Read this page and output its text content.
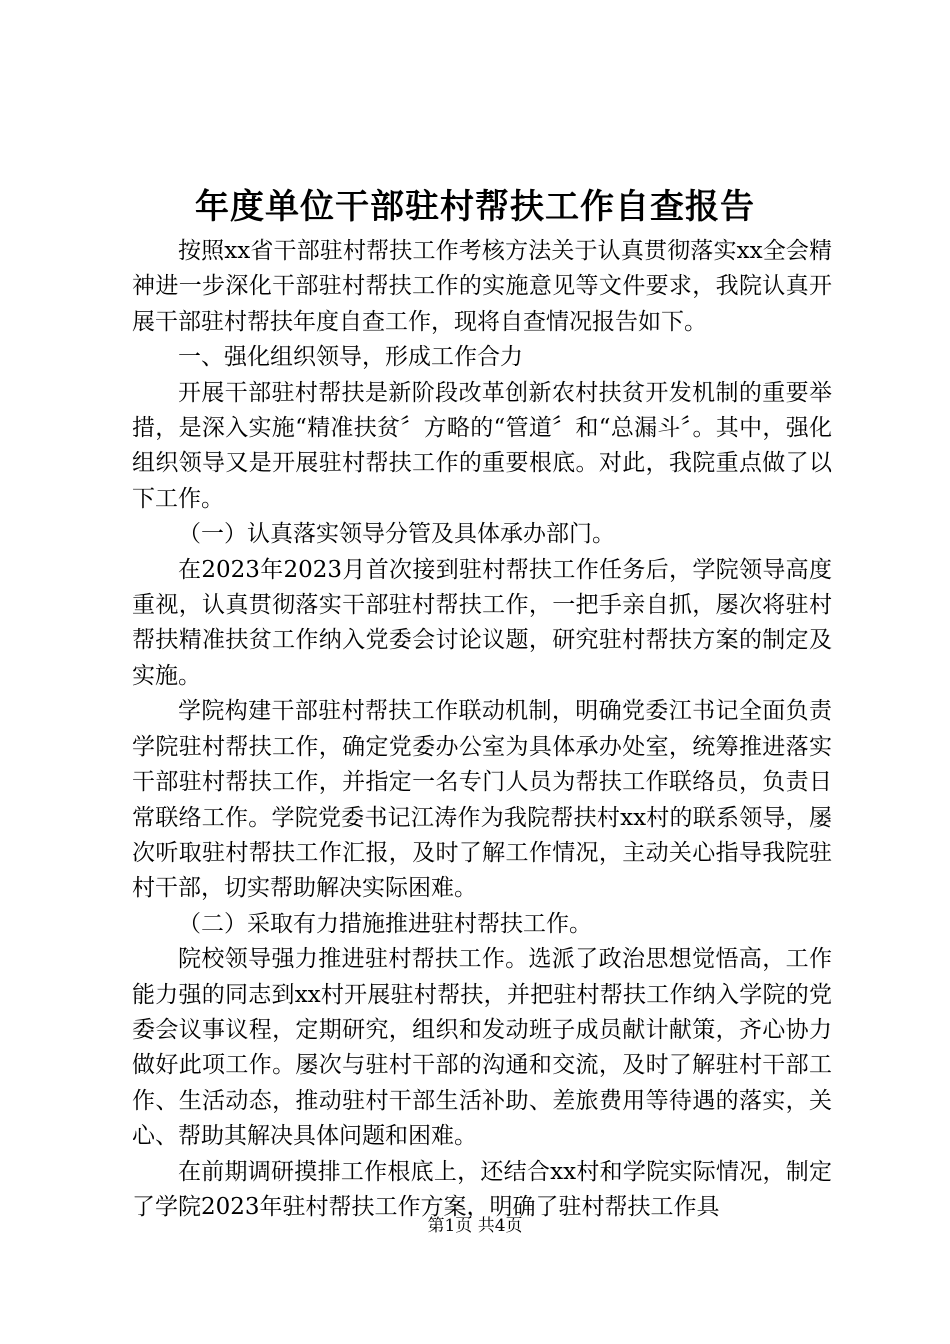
年度单位干部驻村帮扶工作自查报告

按照xx省干部驻村帮扶工作考核方法关于认真贯彻落实xx全会精神进一步深化干部驻村帮扶工作的实施意见等文件要求，我院认真开展干部驻村帮扶年度自查工作，现将自查情况报告如下。

一、强化组织领导，形成工作合力

开展干部驻村帮扶是新阶段改革创新农村扶贫开发机制的重要举措，是深入实施“精准扶贫〞方略的“管道〞和“总漏斗〞。其中，强化组织领导又是开展驻村帮扶工作的重要根底。对此，我院重点做了以下工作。

（一）认真落实领导分管及具体承办部门。

在2023年2023月首次接到驻村帮扶工作任务后，学院领导高度重视，认真贯彻落实干部驻村帮扶工作，一把手亲自抓，屡次将驻村帮扶精准扶贫工作纳入党委会讨论议题，研究驻村帮扶方案的制定及实施。

学院构建干部驻村帮扶工作联动机制，明确党委江书记全面负责学院驻村帮扶工作，确定党委办公室为具体承办处室，统筹推进落实干部驻村帮扶工作，并指定一名专门人员为帮扶工作联络员，负责日常联络工作。学院党委书记江涛作为我院帮扶村xx村的联系领导，屡次听取驻村帮扶工作汇报，及时了解工作情况，主动关心指导我院驻村干部，切实帮助解决实际困难。

（二）采取有力措施推进驻村帮扶工作。

院校领导强力推进驻村帮扶工作。选派了政治思想觉悟高，工作能力强的同志到xx村开展驻村帮扶，并把驻村帮扶工作纳入学院的党委会议事议程，定期研究，组织和发动班子成员献计献策，齐心协力做好此项工作。屡次与驻村干部的沟通和交流，及时了解驻村干部工作、生活动态，推动驻村干部生活补助、差旅费用等待遇的落实，关心、帮助其解决具体问题和困难。

在前期调研摸排工作根底上，还结合xx村和学院实际情况，制定了学院2023年驻村帮扶工作方案，明确了驻村帮扶工作具

第1页 共4页
